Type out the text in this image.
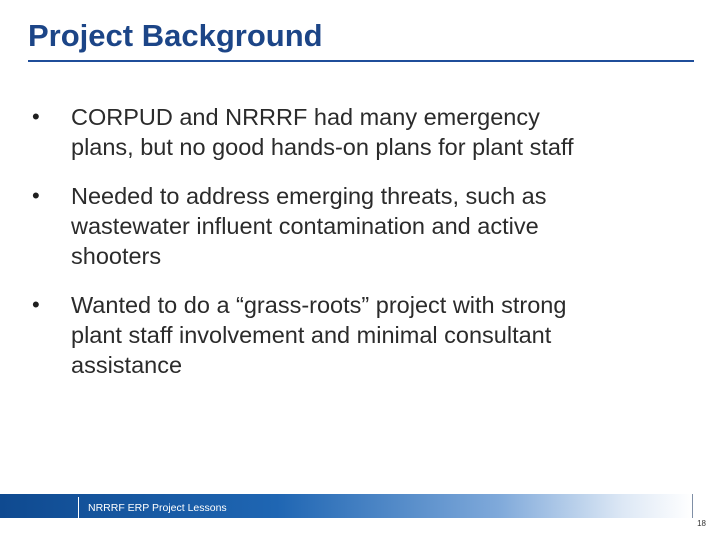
Project Background
• CORPUD and NRRRF had many emergency
plans, but no good hands-on plans for plant staff
• Needed to address emerging threats, such as
wastewater influent contamination and active
shooters
• Wanted to do a “grass-roots” project with strong
plant staff involvement and minimal consultant
assistance
NRRRF ERP Project Lessons
18
